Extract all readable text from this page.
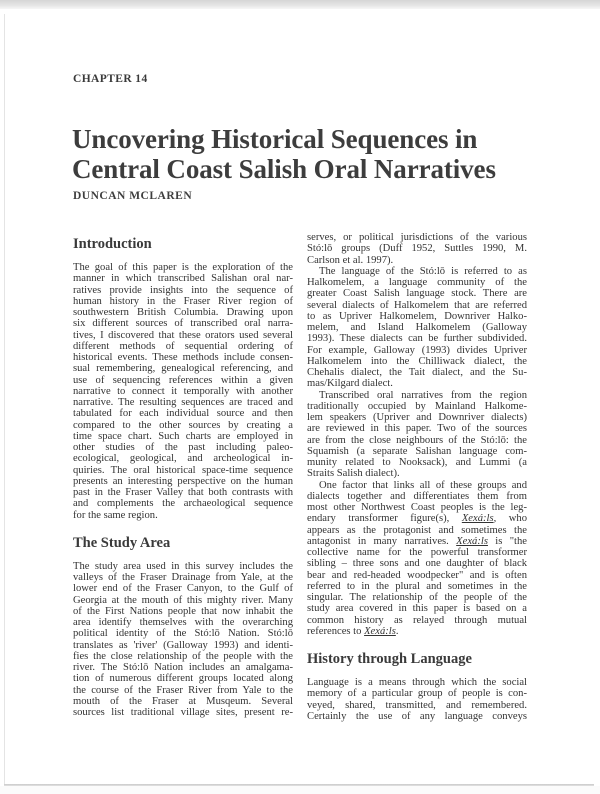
CHAPTER 14
Uncovering Historical Sequences in
Central Coast Salish Oral Narratives
DUNCAN MCLAREN
Introduction

The goal of this paper is the exploration of the
manner in which transcribed Salishan oral nar-
ratives provide insights into the sequence of
human history in the Fraser River region of
southwestern British Columbia. Drawing upon
six different sources of transcribed oral narra-
tives, I discovered that these orators used several
different methods of sequential ordering of
historical events. These methods include consen-
sual remembering, genealogical referencing, and
use of sequencing references within a given
narrative to connect it temporally with another
narrative. The resulting sequences are traced and
tabulated for each individual source and then
compared to the other sources by creating a
time space chart. Such charts are employed in
other studies of the past including paleo-
ecological, geological, and archeological in-
quiries. The oral historical space-time sequence
presents an interesting perspective on the human
past in the Fraser Valley that both contrasts with
and complements the archaeological sequence
for the same region.

The Study Area

The study area used in this survey includes the
valleys of the Fraser Drainage from Yale, at the
lower end of the Fraser Canyon, to the Gulf of
Georgia at the mouth of this mighty river. Many
of the First Nations people that now inhabit the
area identify themselves with the overarching
political identity of the Stó:lō Nation. Stó:lō
translates as 'river' (Galloway 1993) and identi-
fies the close relationship of the people with the
river. The Stó:lō Nation includes an amalgama-
tion of numerous different groups located along
the course of the Fraser River from Yale to the
mouth of the Fraser at Musqeum. Several
sources list traditional village sites, present re-

serves, or political jurisdictions of the various
Stó:lō groups (Duff 1952, Suttles 1990, M.
Carlson et al. 1997).

The language of the Stó:lō is referred to as
Halkomelem, a language community of the
greater Coast Salish language stock. There are
several dialects of Halkomelem that are referred
to as Upriver Halkomelem, Downriver Halko-
melem, and Island Halkomelem (Galloway
1993). These dialects can be further subdivided.
For example, Galloway (1993) divides Upriver
Halkomelem into the Chilliwack dialect, the
Chehalis dialect, the Tait dialect, and the Su-
mas/Kilgard dialect.

Transcribed oral narratives from the region
traditionally occupied by Mainland Halkome-
lem speakers (Upriver and Downriver dialects)
are reviewed in this paper. Two of the sources
are from the close neighbours of the Stó:lō: the
Squamish (a separate Salishan language com-
munity related to Nooksack), and Lummi (a
Straits Salish dialect).

One factor that links all of these groups and
dialects together and differentiates them from
most other Northwest Coast peoples is the leg-
endary transformer figure(s), Xexá:ls, who
appears as the protagonist and sometimes the
antagonist in many narratives. Xexá:ls is "the
collective name for the powerful transformer
sibling – three sons and one daughter of black
bear and red-headed woodpecker" and is often
referred to in the plural and sometimes in the
singular. The relationship of the people of the
study area covered in this paper is based on a
common history as relayed through mutual
references to Xexá:ls.

History through Language

Language is a means through which the social
memory of a particular group of people is con-
veyed, shared, transmitted, and remembered.
Certainly the use of any language conveys
